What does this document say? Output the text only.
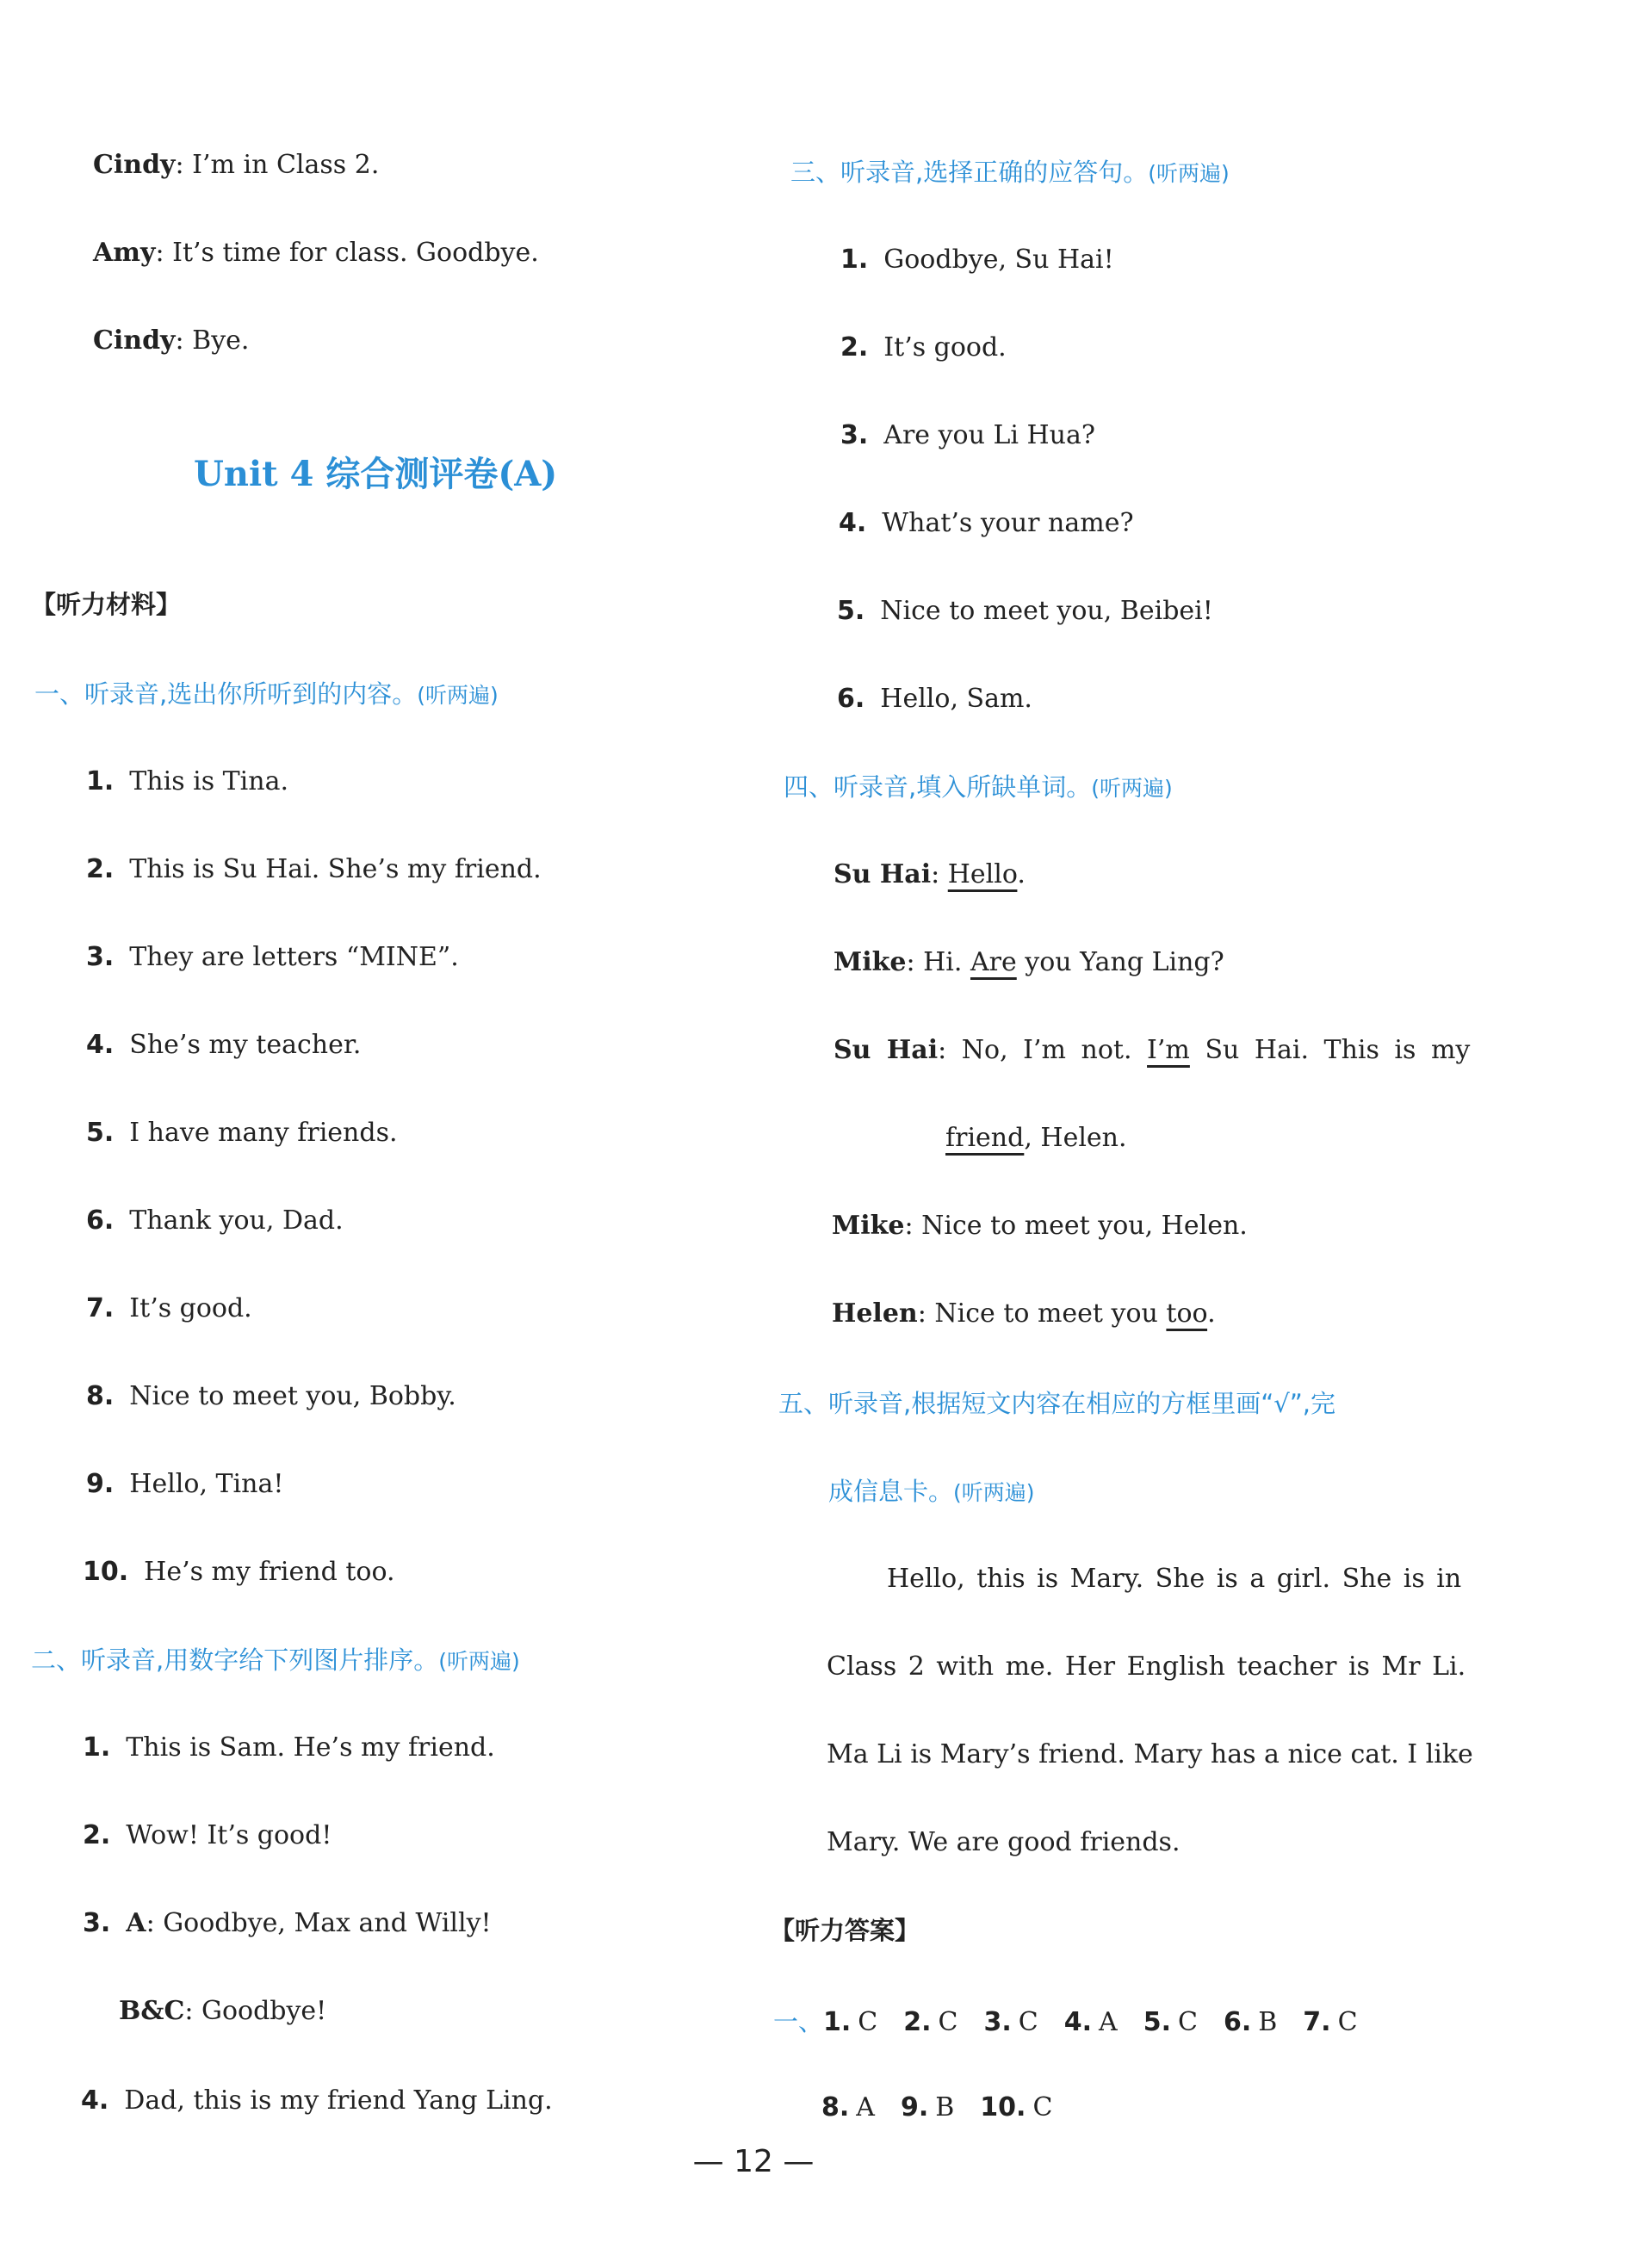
Cindy: I’m in Class 2.
Amy: It’s time for class. Goodbye.
Cindy: Bye.
Unit 4 综合测评卷(A)
【听力材料】
一、听录音,选出你所听到的内容。(听两遍)
1. This is Tina.
2. This is Su Hai. She’s my friend.
3. They are letters “MINE”.
4. She’s my teacher.
5. I have many friends.
6. Thank you, Dad.
7. It’s good.
8. Nice to meet you, Bobby.
9. Hello, Tina!
10. He’s my friend too.
二、听录音,用数字给下列图片排序。(听两遍)
1. This is Sam. He’s my friend.
2. Wow! It’s good!
3. A: Goodbye, Max and Willy!
B&C: Goodbye!
4. Dad, this is my friend Yang Ling.
三、听录音,选择正确的应答句。(听两遍)
1. Goodbye, Su Hai!
2. It’s good.
3. Are you Li Hua?
4. What’s your name?
5. Nice to meet you, Beibei!
6. Hello, Sam.
四、听录音,填入所缺单词。(听两遍)
Su Hai: Hello.
Mike: Hi. Are you Yang Ling?
Su Hai: No, I’m not. I’m Su Hai. This is my
friend, Helen.
Mike: Nice to meet you, Helen.
Helen: Nice to meet you too.
五、听录音,根据短文内容在相应的方框里画“√”,完
成信息卡。(听两遍)
Hello, this is Mary. She is a girl. She is in
Class 2 with me. Her English teacher is Mr Li.
Ma Li is Mary’s friend. Mary has a nice cat. I like
Mary. We are good friends.
【听力答案】
一、1. C 2. C 3. C 4. A 5. C 6. B 7. C
8. A 9. B 10. C
— 12 —
